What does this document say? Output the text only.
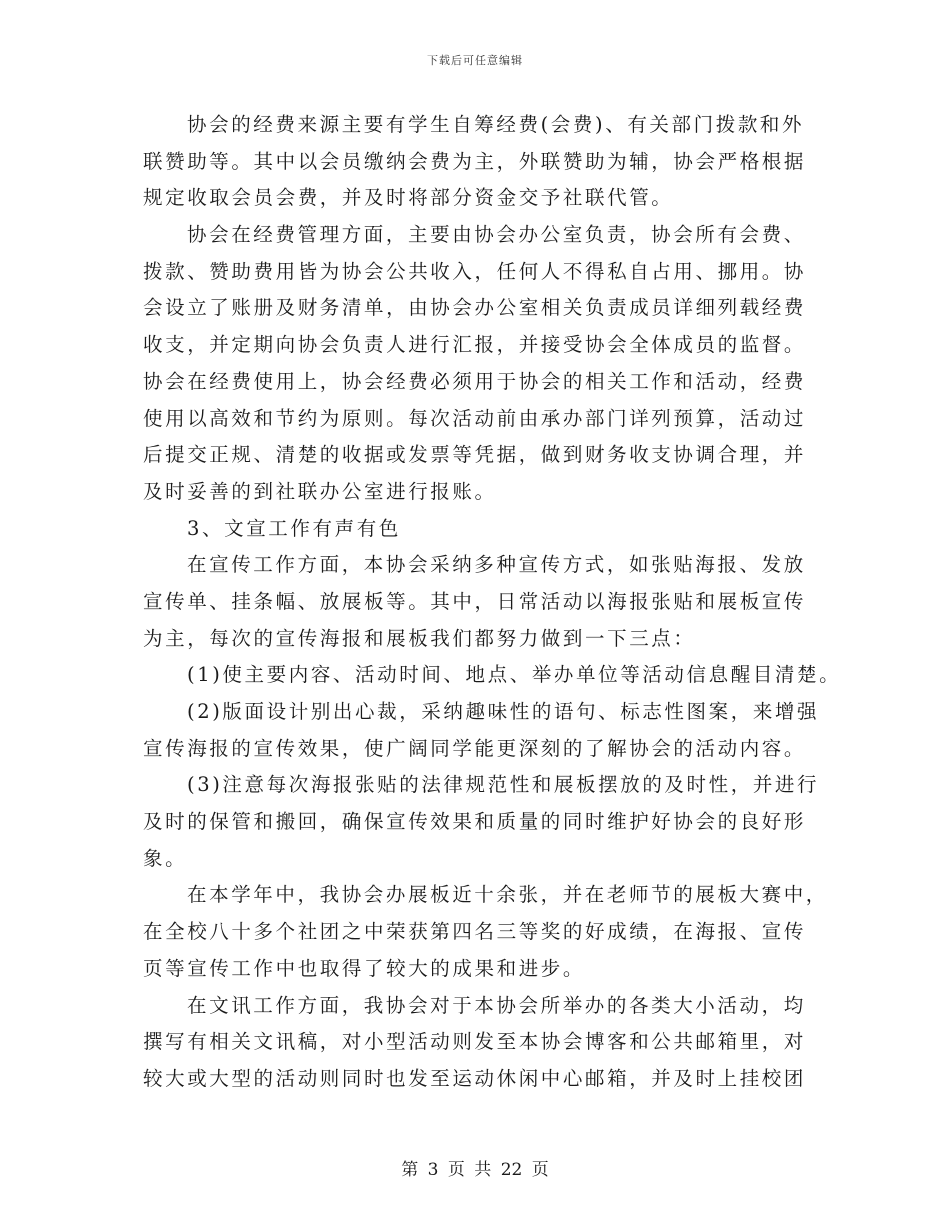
下载后可任意编辑
协会的经费来源主要有学生自筹经费(会费)、有关部门拨款和外
联赞助等。其中以会员缴纳会费为主，外联赞助为辅，协会严格根据
规定收取会员会费，并及时将部分资金交予社联代管。
协会在经费管理方面，主要由协会办公室负责，协会所有会费、
拨款、赞助费用皆为协会公共收入，任何人不得私自占用、挪用。协
会设立了账册及财务清单，由协会办公室相关负责成员详细列载经费
收支，并定期向协会负责人进行汇报，并接受协会全体成员的监督。
协会在经费使用上，协会经费必须用于协会的相关工作和活动，经费
使用以高效和节约为原则。每次活动前由承办部门详列预算，活动过
后提交正规、清楚的收据或发票等凭据，做到财务收支协调合理，并
及时妥善的到社联办公室进行报账。
3、文宣工作有声有色
在宣传工作方面，本协会采纳多种宣传方式，如张贴海报、发放
宣传单、挂条幅、放展板等。其中，日常活动以海报张贴和展板宣传
为主，每次的宣传海报和展板我们都努力做到一下三点：
(1)使主要内容、活动时间、地点、举办单位等活动信息醒目清楚。
(2)版面设计别出心裁，采纳趣味性的语句、标志性图案，来增强
宣传海报的宣传效果，使广阔同学能更深刻的了解协会的活动内容。
(3)注意每次海报张贴的法律规范性和展板摆放的及时性，并进行
及时的保管和搬回，确保宣传效果和质量的同时维护好协会的良好形
象。
在本学年中，我协会办展板近十余张，并在老师节的展板大赛中，
在全校八十多个社团之中荣获第四名三等奖的好成绩，在海报、宣传
页等宣传工作中也取得了较大的成果和进步。
在文讯工作方面，我协会对于本协会所举办的各类大小活动，均
撰写有相关文讯稿，对小型活动则发至本协会博客和公共邮箱里，对
较大或大型的活动则同时也发至运动休闲中心邮箱，并及时上挂校团
第 3 页 共 22 页
